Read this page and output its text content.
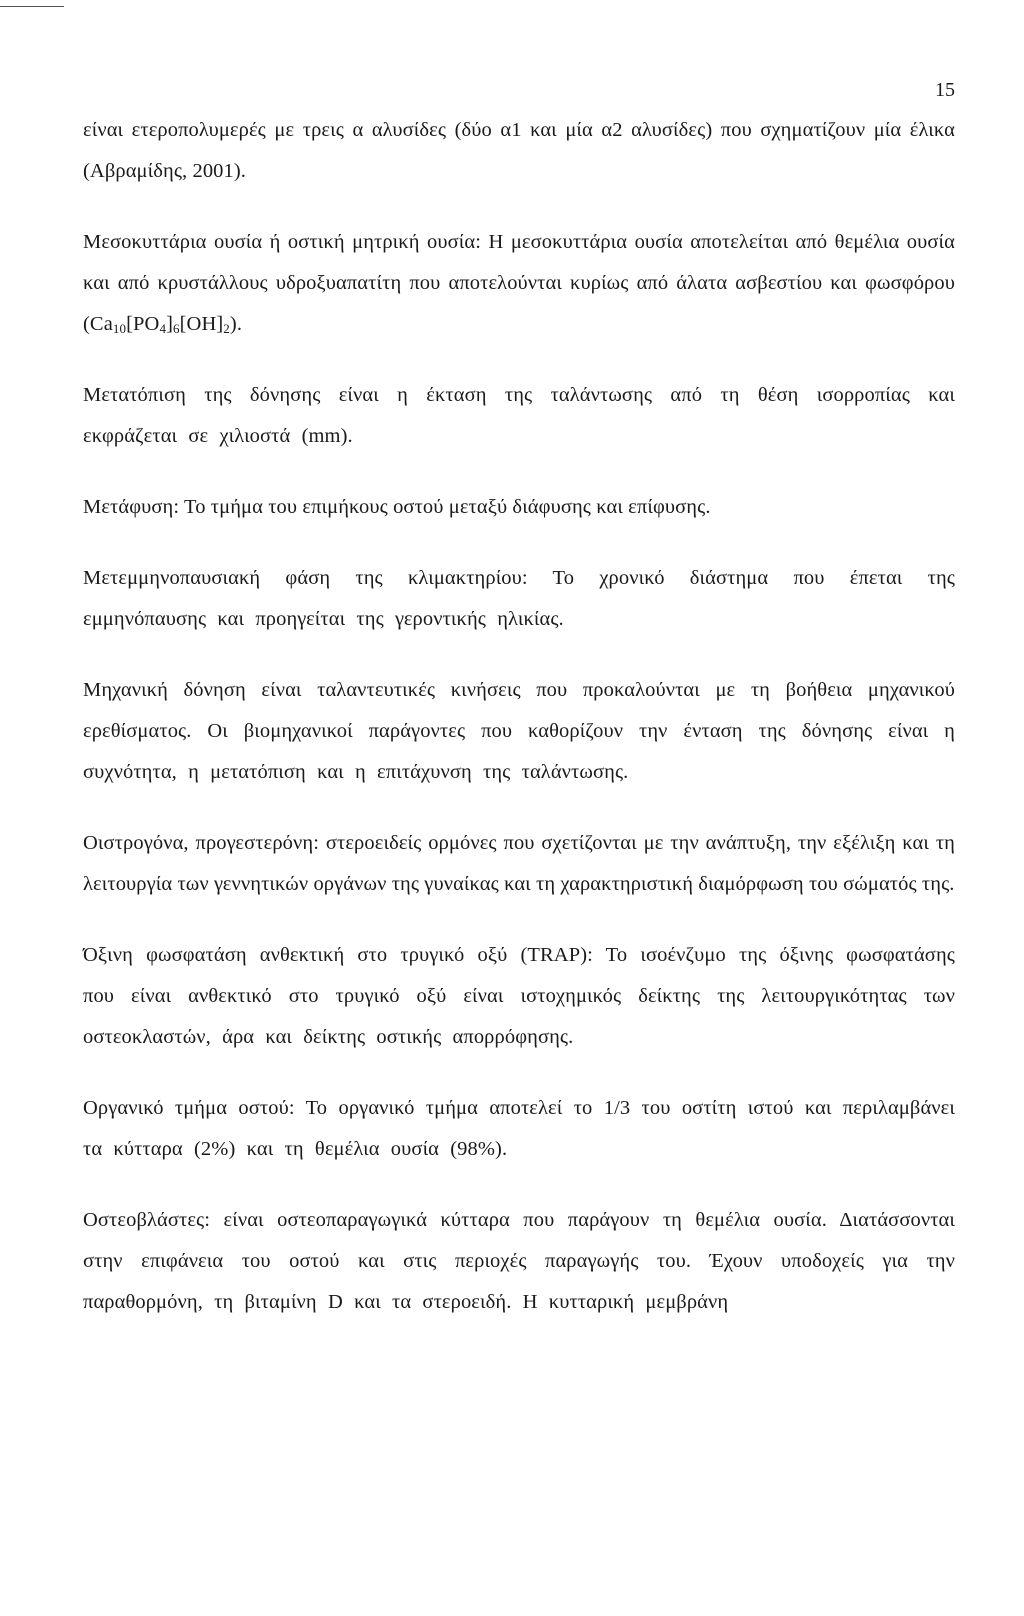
15

είναι ετεροπολυμερές με τρεις α αλυσίδες (δύο α1 και μία α2 αλυσίδες) που σχηματίζουν μία έλικα (Αβραμίδης, 2001).

Μεσοκυττάρια ουσία ή οστική μητρική ουσία: Η μεσοκυττάρια ουσία αποτελείται από θεμέλια ουσία και από κρυστάλλους υδροξυαπατίτη που αποτελούνται κυρίως από άλατα ασβεστίου και φωσφόρου $(Ca_{10}[PO_4]_6[OH]_2)$.

Μετατόπιση της δόνησης είναι η έκταση της ταλάντωσης από τη θέση ισορροπίας και εκφράζεται σε χιλιοστά (mm).

Μετάφυση: Το τμήμα του επιμήκους οστού μεταξύ διάφυσης και επίφυσης.

Μετεμμηνοπαυσιακή φάση της κλιμακτηρίου: Το χρονικό διάστημα που έπεται της εμμηνόπαυσης και προηγείται της γεροντικής ηλικίας.

Μηχανική δόνηση είναι ταλαντευτικές κινήσεις που προκαλούνται με τη βοήθεια μηχανικού ερεθίσματος. Οι βιομηχανικοί παράγοντες που καθορίζουν την ένταση της δόνησης είναι η συχνότητα, η μετατόπιση και η επιτάχυνση της ταλάντωσης.

Οιστρογόνα, προγεστερόνη: στεροειδείς ορμόνες που σχετίζονται με την ανάπτυξη, την εξέλιξη και τη λειτουργία των γεννητικών οργάνων της γυναίκας και τη χαρακτηριστική διαμόρφωση του σώματός της.

Όξινη φωσφατάση ανθεκτική στο τρυγικό οξύ (TRAP): Το ισοένζυμο της όξινης φωσφατάσης που είναι ανθεκτικό στο τρυγικό οξύ είναι ιστοχημικός δείκτης της λειτουργικότητας των οστεοκλαστών, άρα και δείκτης οστικής απορρόφησης.

Οργανικό τμήμα οστού: Το οργανικό τμήμα αποτελεί το 1/3 του οστίτη ιστού και περιλαμβάνει τα κύτταρα (2%) και τη θεμέλια ουσία (98%).

Οστεοβλάστες: είναι οστεοπαραγωγικά κύτταρα που παράγουν τη θεμέλια ουσία. Διατάσσονται στην επιφάνεια του οστού και στις περιοχές παραγωγής του. Έχουν υποδοχείς για την παραθορμόνη, τη βιταμίνη D και τα στεροειδή. Η κυτταρική μεμβράνη
